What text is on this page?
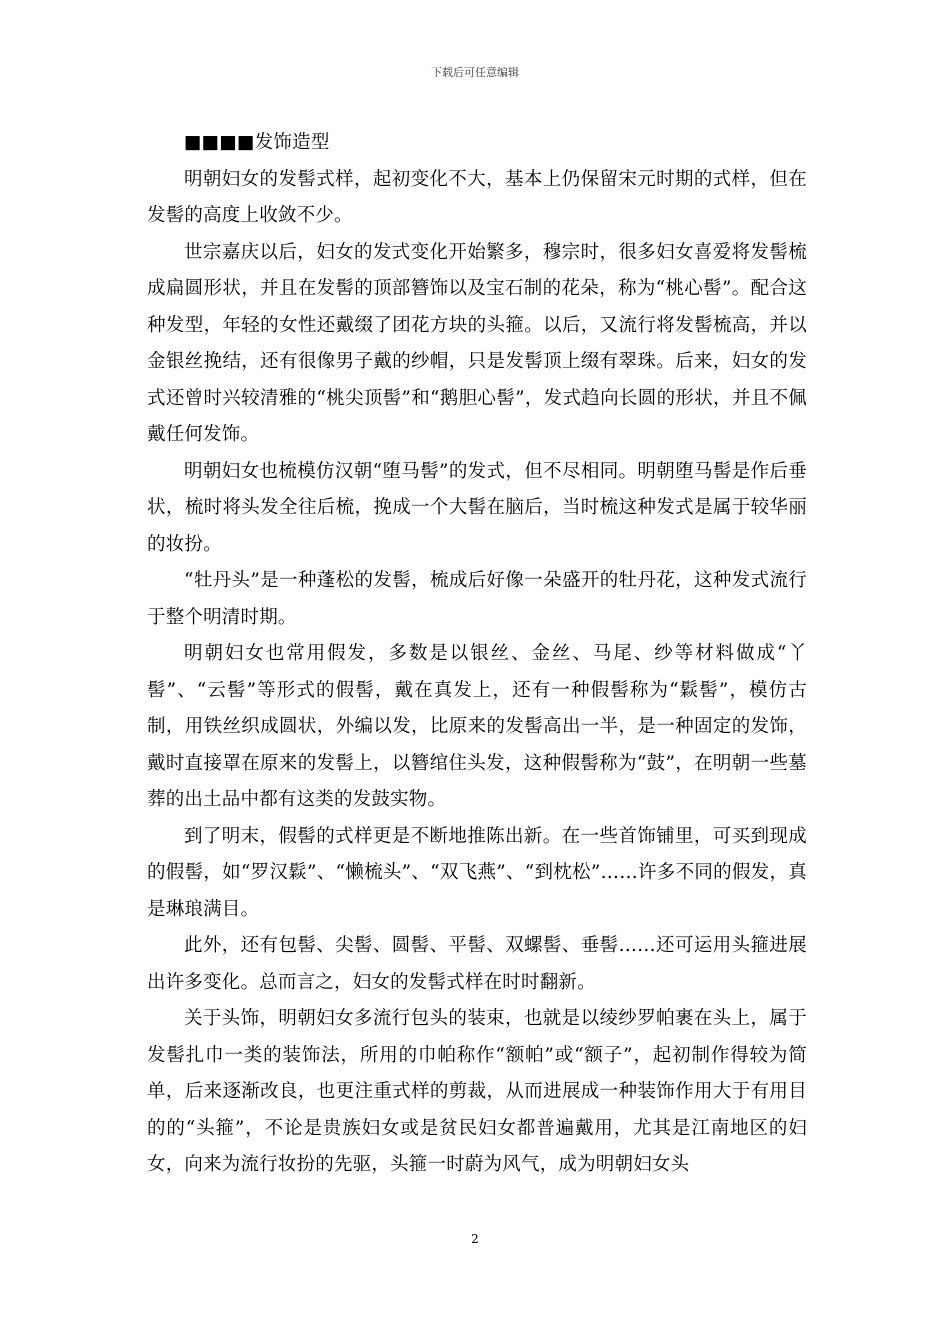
下载后可任意编辑

■■■■发饰造型

明朝妇女的发髻式样，起初变化不大，基本上仍保留宋元时期的式样，但在发髻的高度上收敛不少。

世宗嘉庆以后，妇女的发式变化开始繁多，穆宗时，很多妇女喜爱将发髻梳成扁圆形状，并且在发髻的顶部簪饰以及宝石制的花朵，称为“桃心髻”。配合这种发型，年轻的女性还戴缀了团花方块的头箍。以后，又流行将发髻梳高，并以金银丝挽结，还有很像男子戴的纱帽，只是发髻顶上缀有翠珠。后来，妇女的发式还曾时兴较清雅的“桃尖顶髻”和“鹅胆心髻”，发式趋向长圆的形状，并且不佩戴任何发饰。

明朝妇女也梳模仿汉朝“堕马髻”的发式，但不尽相同。明朝堕马髻是作后垂状，梳时将头发全往后梳，挽成一个大髻在脑后，当时梳这种发式是属于较华丽的妆扮。

“牡丹头”是一种蓬松的发髻，梳成后好像一朵盛开的牡丹花，这种发式流行于整个明清时期。

明朝妇女也常用假发，多数是以银丝、金丝、马尾、纱等材料做成“丫髻”、“云髻”等形式的假髻，戴在真发上，还有一种假髻称为“鬏髻”，模仿古制，用铁丝织成圆状，外编以发，比原来的发髻高出一半，是一种固定的发饰，戴时直接罩在原来的发髻上，以簪绾住头发，这种假髻称为“鼓”，在明朝一些墓葬的出土品中都有这类的发鼓实物。

到了明末，假髻的式样更是不断地推陈出新。在一些首饰铺里，可买到现成的假髻，如“罗汉鬏”、“懒梳头”、“双飞燕”、“到枕松”……许多不同的假发，真是琳琅满目。

此外，还有包髻、尖髻、圆髻、平髻、双螺髻、垂髻……还可运用头箍进展出许多变化。总而言之，妇女的发髻式样在时时翻新。

关于头饰，明朝妇女多流行包头的装束，也就是以绫纱罗帕裹在头上，属于发髻扎巾一类的装饰法，所用的巾帕称作“额帕”或“额子”，起初制作得较为简单，后来逐渐改良，也更注重式样的剪裁，从而进展成一种装饰作用大于有用目的的“头箍”，不论是贵族妇女或是贫民妇女都普遍戴用，尤其是江南地区的妇女，向来为流行妆扮的先驱，头箍一时蔚为风气，成为明朝妇女头

2
